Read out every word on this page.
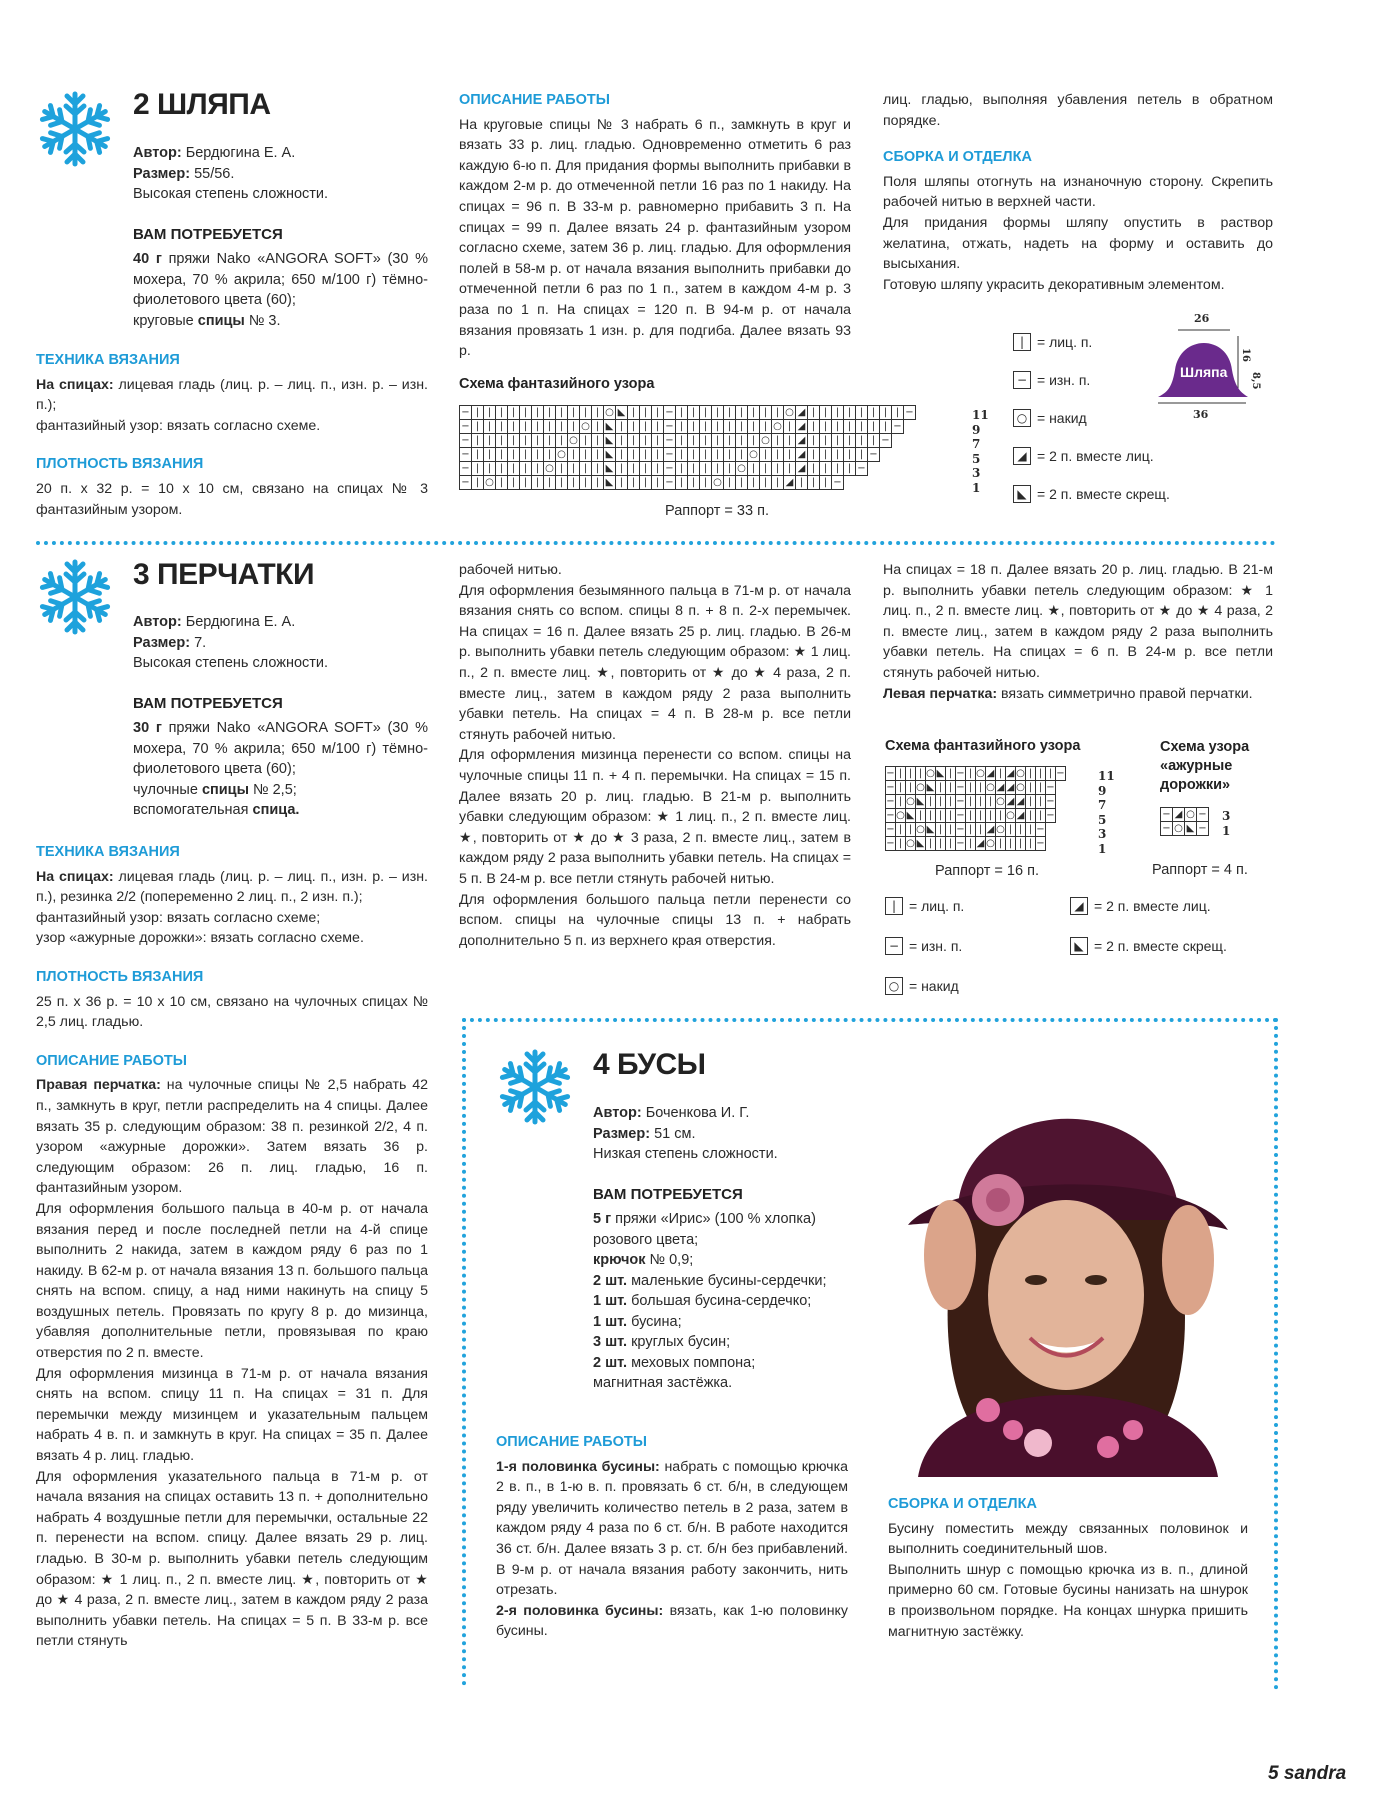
2 ШЛЯПА
Автор: Бердюгина Е. А.
Размер: 55/56.
Высокая степень сложности.
ВАМ ПОТРЕБУЕТСЯ
40 г пряжи Nako «ANGORA SOFT» (30 % мохера, 70 % акрила; 650 м/100 г) тёмно-фиолетового цвета (60);
круговые спицы № 3.
ТЕХНИКА ВЯЗАНИЯ

На спицах: лицевая гладь (лиц. р. – лиц. п., изн. р. – изн. п.);

фантазийный узор: вязать согласно схеме.

ПЛОТНОСТЬ ВЯЗАНИЯ

20 п. х 32 р. = 10 х 10 см, связано на спицах № 3 фантазийным узором.

ОПИСАНИЕ РАБОТЫ

На круговые спицы № 3 набрать 6 п., замкнуть в круг и вязать 33 р. лиц. гладью. Одновременно отметить 6 раз каждую 6-ю п. Для придания формы выполнить прибавки в каждом 2-м р. до отмеченной петли 16 раз по 1 накиду. На спицах = 96 п. В 33-м р. равномерно прибавить 3 п. На спицах = 99 п. Далее вязать 24 р. фантазийным узором согласно схеме, затем 36 р. лиц. гладью. Для оформления полей в 58-м р. от начала вязания выполнить прибавки до отмеченной петли 6 раз по 1 п., затем в каждом 4-м р. 3 раза по 1 п. На спицах = 120 п. В 94-м р. от начала вязания провязать 1 изн. р. для подгиба. Далее вязать 93 р.

Схема фантазийного узора
−	|	|	|	|	|	|	|	|	|	|	|	○	◣	|	|	|	−	|	|	|	|	|	|	|	|	|	○	◢	|	|	|	|	|	|	|	|	−
−	|	|	|	|	|	|	|	|	|	○	|	◣	|	|	|	|	−	|	|	|	|	|	|	|	|	○	|	◢	|	|	|	|	|	|	|	−	
−	|	|	|	|	|	|	|	|	○	|	|	◣	|	|	|	|	−	|	|	|	|	|	|	|	○	|	|	◢	|	|	|	|	|	|	−		
−	|	|	|	|	|	|	|	○	|	|	|	◣	|	|	|	|	−	|	|	|	|	|	|	○	|	|	|	◢	|	|	|	|	|	−			
−	|	|	|	|	|	|	○	|	|	|	|	◣	|	|	|	|	−	|	|	|	|	|	○	|	|	|	|	◢	|	|	|	|	−				
−	|	○	|	|	|	|	|	|	|	|	|	◣	|	|	|	|	−	|	|	|	○	|	|	|	|	|	◢	|	|	|	−						
11
9
7
5
3
1
Раппорт = 33 п.

лиц. гладью, выполняя убавления петель в обратном порядке.

СБОРКА И ОТДЕЛКА

Поля шляпы отогнуть на изнаночную сторону. Скрепить рабочей нитью в верхней части.

Для придания формы шляпу опустить в раствор желатина, отжать, надеть на форму и оставить до высыхания.

Готовую шляпу украсить декоративным элементом.

| = лиц. п.
− = изн. п.
○ = накид
◢ = 2 п. вместе лиц.
◣ = 2 п. вместе скрещ.
Шляпа
26
36
16
8,5
3 ПЕРЧАТКИ
Автор: Бердюгина Е. А.
Размер: 7.
Высокая степень сложности.
ВАМ ПОТРЕБУЕТСЯ
30 г пряжи Nako «ANGORA SOFT» (30 % мохера, 70 % акрила; 650 м/100 г) тёмно-фиолетового цвета (60);
чулочные спицы № 2,5;
вспомогательная спица.
ТЕХНИКА ВЯЗАНИЯ

На спицах: лицевая гладь (лиц. р. – лиц. п., изн. р. – изн. п.), резинка 2/2 (попеременно 2 лиц. п., 2 изн. п.);

фантазийный узор: вязать согласно схеме;

узор «ажурные дорожки»: вязать согласно схеме.

ПЛОТНОСТЬ ВЯЗАНИЯ

25 п. х 36 р. = 10 х 10 см, связано на чулочных спицах № 2,5 лиц. гладью.

ОПИСАНИЕ РАБОТЫ

Правая перчатка: на чулочные спицы № 2,5 набрать 42 п., замкнуть в круг, петли распределить на 4 спицы. Далее вязать 35 р. следующим образом: 38 п. резинкой 2/2, 4 п. узором «ажурные дорожки». Затем вязать 36 р. следующим образом: 26 п. лиц. гладью, 16 п. фантазийным узором.

Для оформления большого пальца в 40-м р. от начала вязания перед и после последней петли на 4-й спице выполнить 2 накида, затем в каждом ряду 6 раз по 1 накиду. В 62-м р. от начала вязания 13 п. большого пальца снять на вспом. спицу, а над ними накинуть на спицу 5 воздушных петель. Провязать по кругу 8 р. до мизинца, убавляя дополнительные петли, провязывая по краю отверстия по 2 п. вместе.

Для оформления мизинца в 71-м р. от начала вязания снять на вспом. спицу 11 п. На спицах = 31 п. Для перемычки между мизинцем и указательным пальцем набрать 4 в. п. и замкнуть в круг. На спицах = 35 п. Далее вязать 4 р. лиц. гладью.

Для оформления указательного пальца в 71-м р. от начала вязания на спицах оставить 13 п. + дополнительно набрать 4 воздушные петли для перемычки, остальные 22 п. перенести на вспом. спицу. Далее вязать 29 р. лиц. гладью. В 30-м р. выполнить убавки петель следующим образом: ★ 1 лиц. п., 2 п. вместе лиц. ★, повторить от ★ до ★ 4 раза, 2 п. вместе лиц., затем в каждом ряду 2 раза выполнить убавки петель. На спицах = 5 п. В 33-м р. все петли стянуть

рабочей нитью.

Для оформления безымянного пальца в 71-м р. от начала вязания снять со вспом. спицы 8 п. + 8 п. 2-х перемычек. На спицах = 16 п. Далее вязать 25 р. лиц. гладью. В 26-м р. выполнить убавки петель следующим образом: ★ 1 лиц. п., 2 п. вместе лиц. ★, повторить от ★ до ★ 4 раза, 2 п. вместе лиц., затем в каждом ряду 2 раза выполнить убавки петель. На спицах = 4 п. В 28-м р. все петли стянуть рабочей нитью.

Для оформления мизинца перенести со вспом. спицы на чулочные спицы 11 п. + 4 п. перемычки. На спицах = 15 п. Далее вязать 20 р. лиц. гладью. В 21-м р. выполнить убавки следующим образом: ★ 1 лиц. п., 2 п. вместе лиц. ★, повторить от ★ до ★ 3 раза, 2 п. вместе лиц., затем в каждом ряду 2 раза выполнить убавки петель. На спицах = 5 п. В 24-м р. все петли стянуть рабочей нитью.

Для оформления большого пальца петли перенести со вспом. спицы на чулочные спицы 13 п. + набрать дополнительно 5 п. из верхнего края отверстия.

На спицах = 18 п. Далее вязать 20 р. лиц. гладью. В 21-м р. выполнить убавки петель следующим образом: ★ 1 лиц. п., 2 п. вместе лиц. ★, повторить от ★ до ★ 4 раза, 2 п. вместе лиц., затем в каждом ряду 2 раза выполнить убавки петель. На спицах = 6 п. В 24-м р. все петли стянуть рабочей нитью.

Левая перчатка: вязать симметрично правой перчатки.

Схема фантазийного узора
−	|	|	|	○	◣	|	−	|	○	◢	|	◢	○	|	|	|	−
−	|	|	○	◣	|	|	−	|	|	○	◢	◢	○	|	|	−	
−	|	○	◣	|	|	|	−	|	|	|	○	◢	◢	|	|	−	
−	○	◣	|	|	|	|	−	|	|	|	|	○	◢	|	|	−	
−	|	|	○	◣	|	|	−	|	|	◢	○	|	|	|	−		
−	|	○	◣	|	|	|	−	|	◢	○	|	|	|	|	−		
11
9
7
5
3
1
Раппорт = 16 п.
Схема узора «ажурные дорожки»
−	◢	○	−
−	○	◣	−
3
1
Раппорт = 4 п.
| = лиц. п.	◢ = 2 п. вместе лиц.
− = изн. п.	◣ = 2 п. вместе скрещ.
○ = накид
4 БУСЫ
Автор: Боченкова И. Г.
Размер: 51 см.
Низкая степень сложности.
ВАМ ПОТРЕБУЕТСЯ
5 г пряжи «Ирис» (100 % хлопка) розового цвета;
крючок № 0,9;
2 шт. маленькие бусины-сердечки;
1 шт. большая бусина-сердечко;
1 шт. бусина;
3 шт. круглых бусин;
2 шт. меховых помпона;
магнитная застёжка.
ОПИСАНИЕ РАБОТЫ

1-я половинка бусины: набрать с помощью крючка 2 в. п., в 1-ю в. п. провязать 6 ст. б/н, в следующем ряду увеличить количество петель в 2 раза, затем в каждом ряду 4 раза по 6 ст. б/н. В работе находится 36 ст. б/н. Далее вязать 3 р. ст. б/н без прибавлений. В 9-м р. от начала вязания работу закончить, нить отрезать.

2-я половинка бусины: вязать, как 1-ю половинку бусины.

СБОРКА И ОТДЕЛКА

Бусину поместить между связанных половинок и выполнить соединительный шов.

Выполнить шнур с помощью крючка из в. п., длиной примерно 60 см. Готовые бусины нанизать на шнурок в произвольном порядке. На концах шнурка пришить магнитную застёжку.

5 sandra
